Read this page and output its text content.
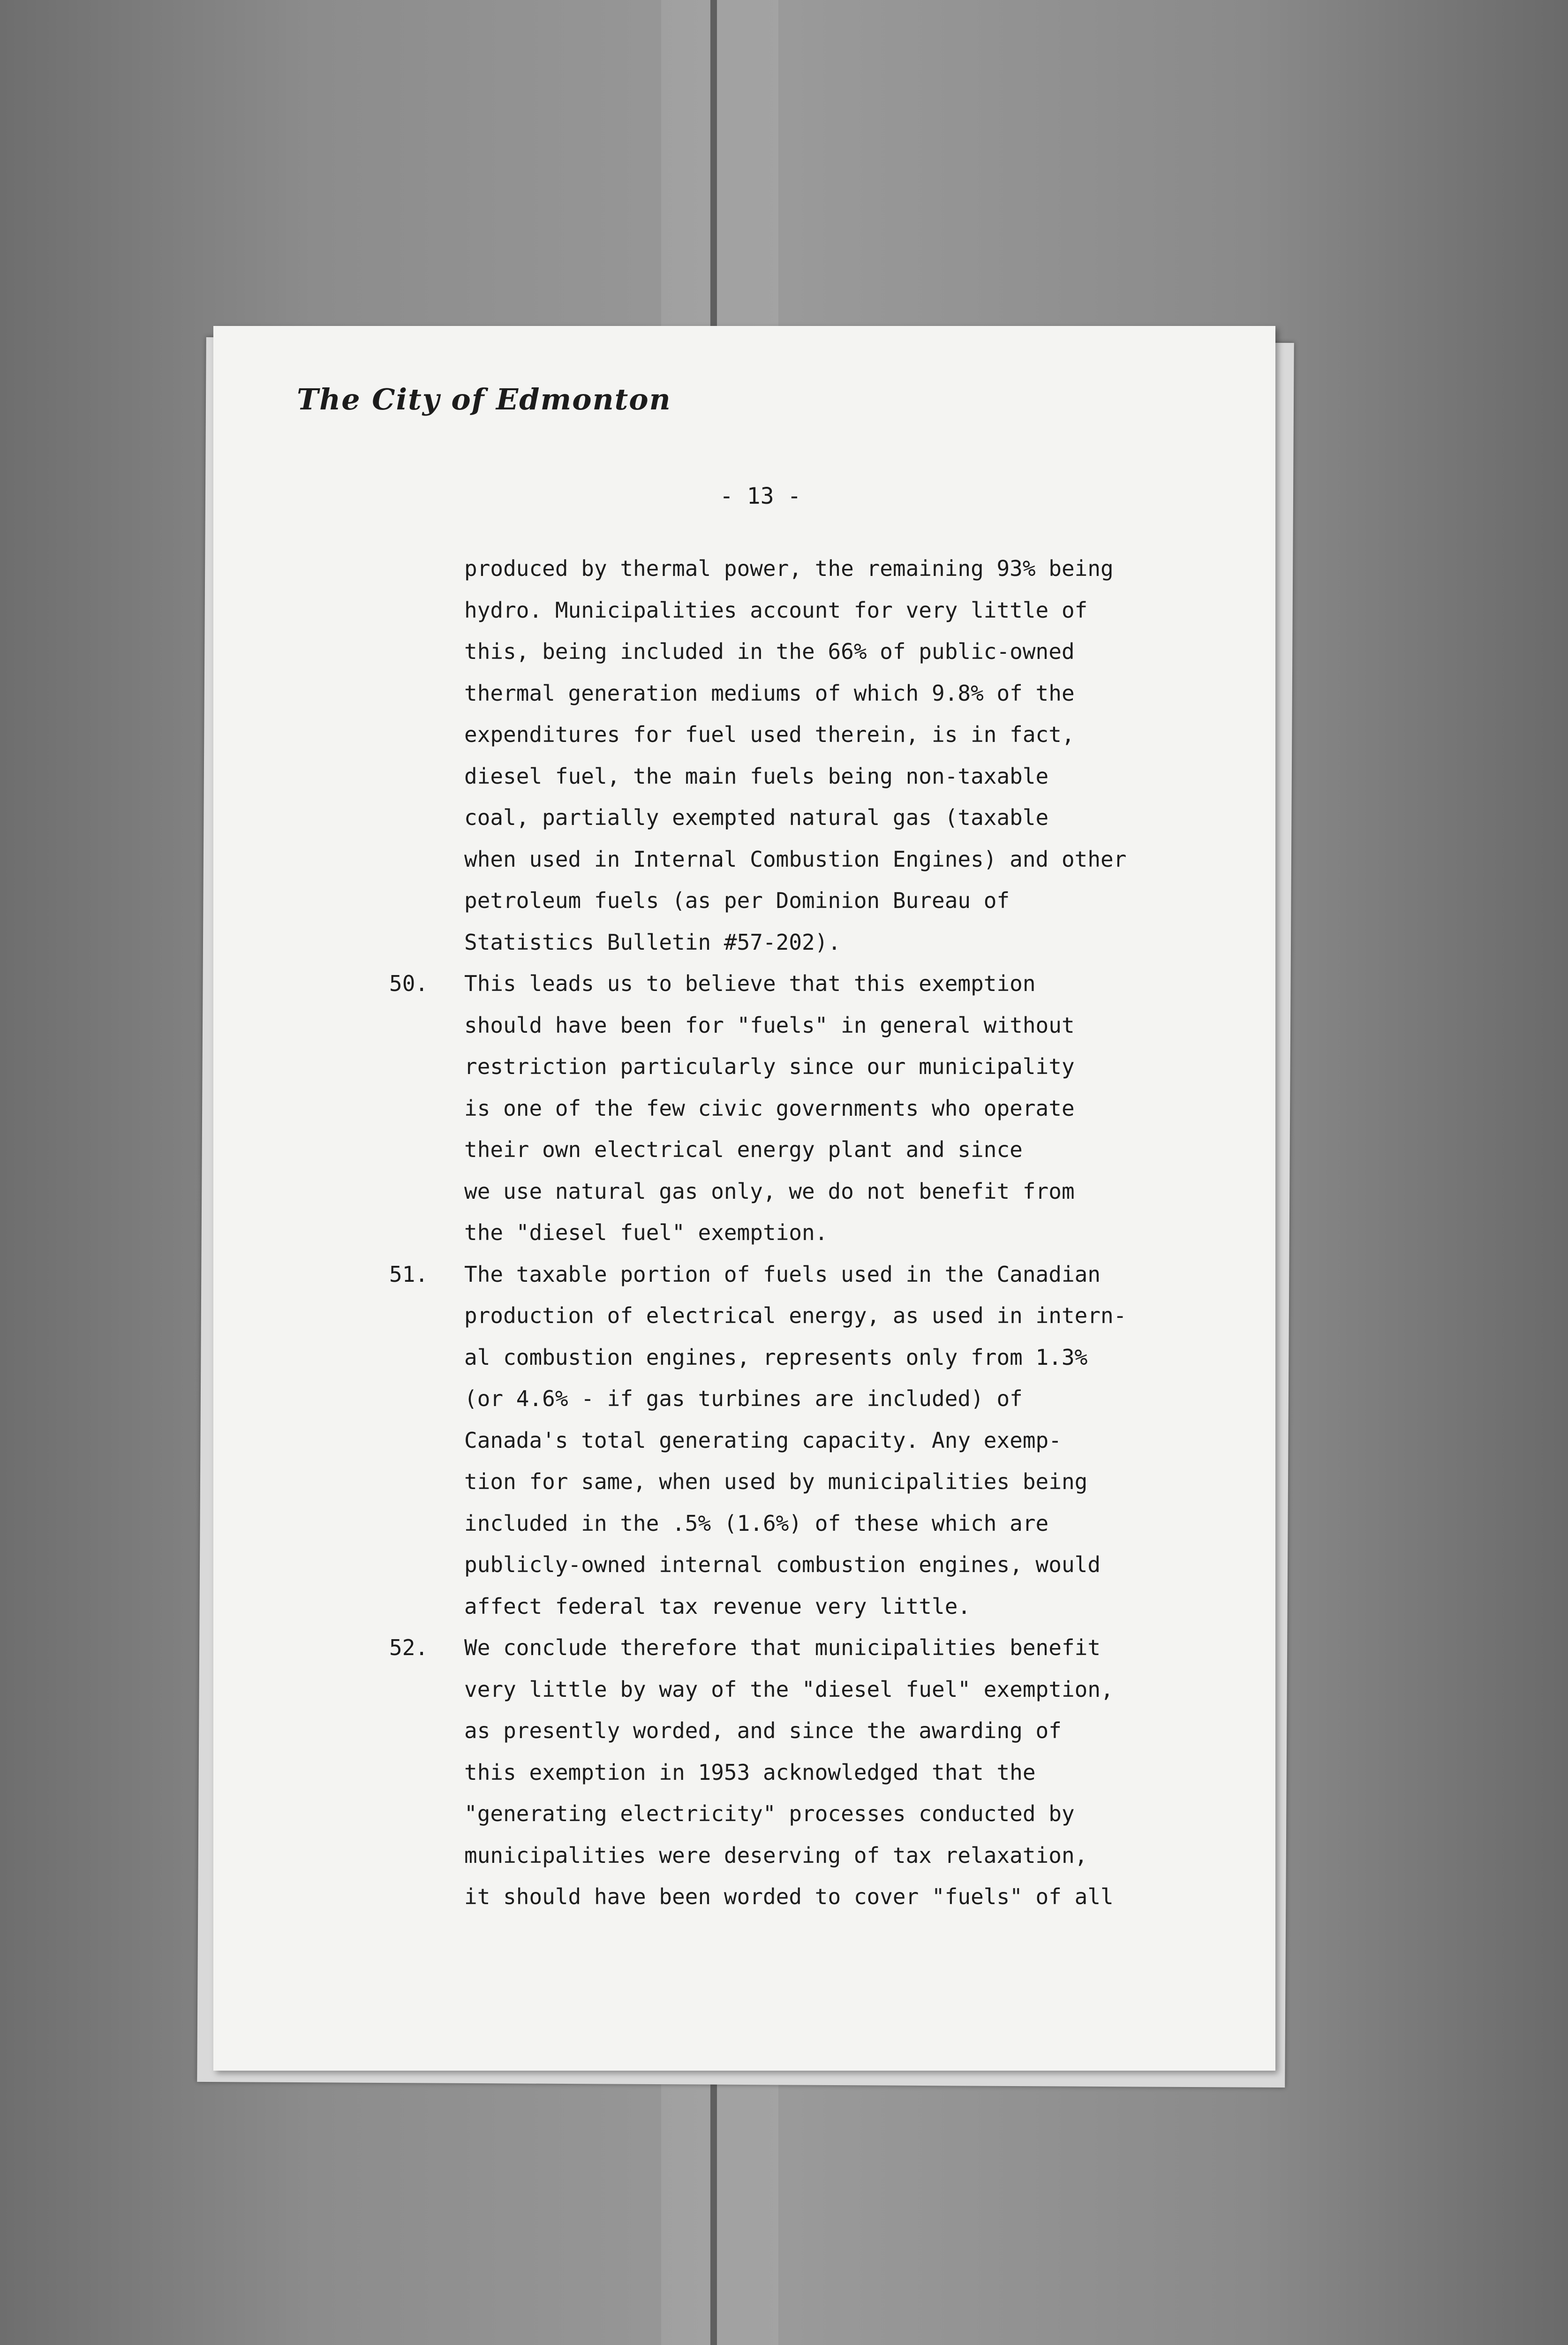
The City of Edmonton
- 13 -
produced by thermal power, the remaining 93% being
hydro. Municipalities account for very little of
this, being included in the 66% of public-owned
thermal generation mediums of which 9.8% of the
expenditures for fuel used therein, is in fact,
diesel fuel, the main fuels being non-taxable
coal, partially exempted natural gas (taxable
when used in Internal Combustion Engines) and other
petroleum fuels (as per Dominion Bureau of
Statistics Bulletin #57-202).
50. This leads us to believe that this exemption
should have been for "fuels" in general without
restriction particularly since our municipality
is one of the few civic governments who operate
their own electrical energy plant and since
we use natural gas only, we do not benefit from
the "diesel fuel" exemption.
51. The taxable portion of fuels used in the Canadian
production of electrical energy, as used in intern-
al combustion engines, represents only from 1.3%
(or 4.6% - if gas turbines are included) of
Canada's total generating capacity. Any exemp-
tion for same, when used by municipalities being
included in the .5% (1.6%) of these which are
publicly-owned internal combustion engines, would
affect federal tax revenue very little.
52. We conclude therefore that municipalities benefit
very little by way of the "diesel fuel" exemption,
as presently worded, and since the awarding of
this exemption in 1953 acknowledged that the
"generating electricity" processes conducted by
municipalities were deserving of tax relaxation,
it should have been worded to cover "fuels" of all
